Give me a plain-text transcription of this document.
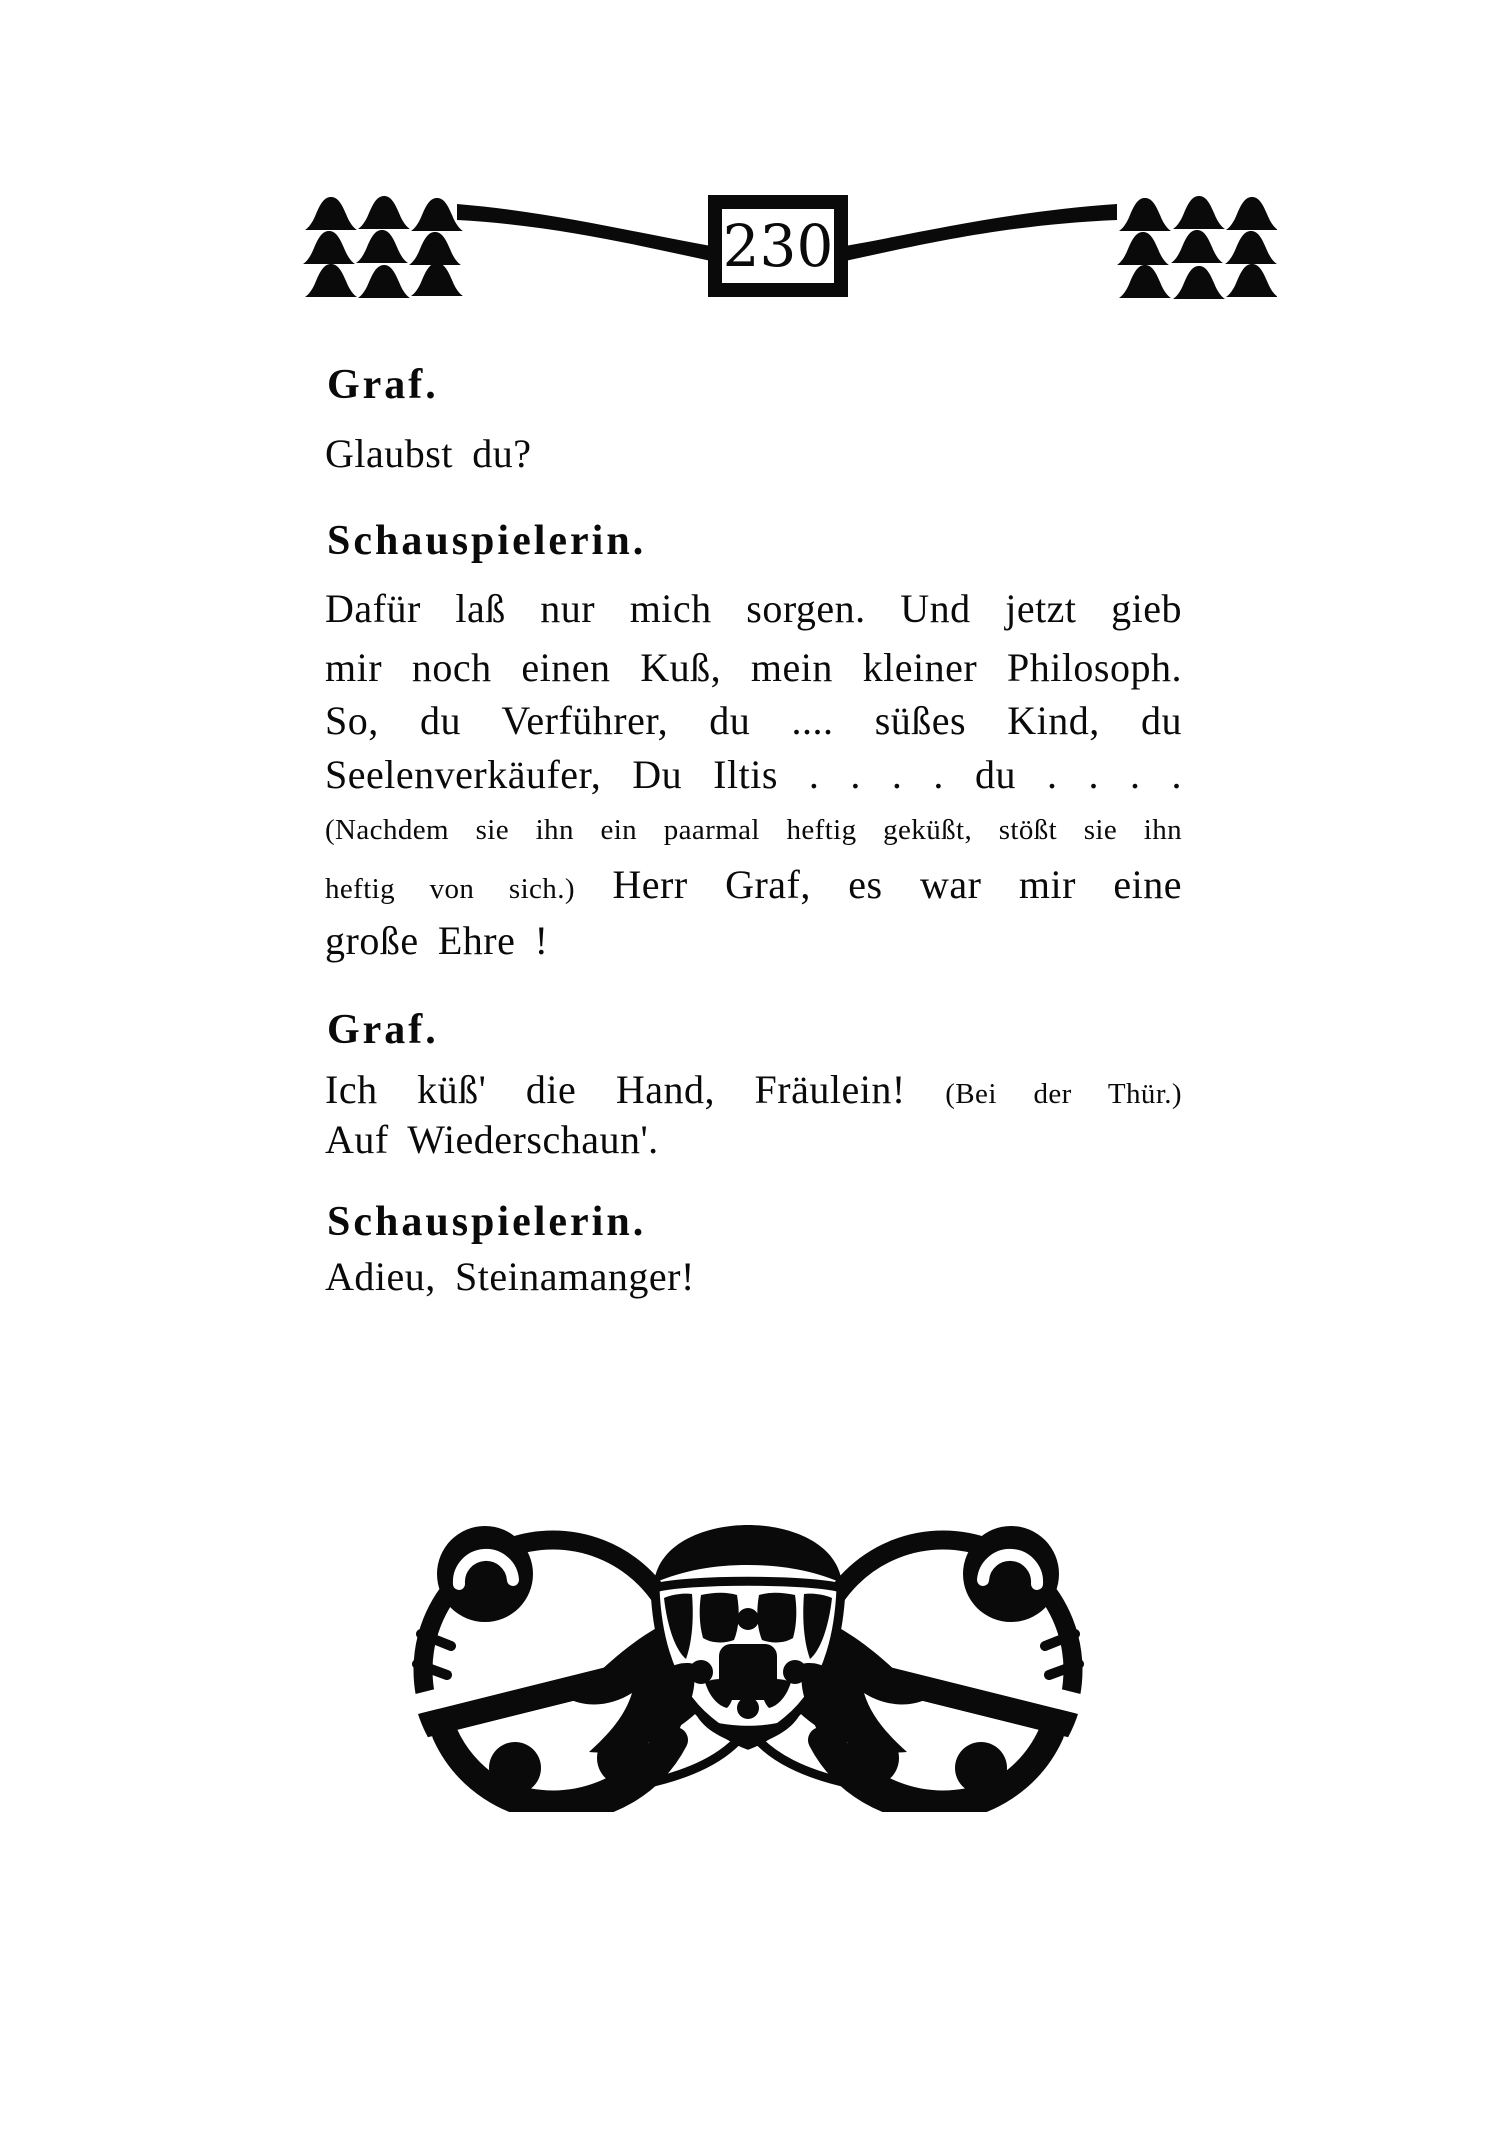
230
Graf.
Glaubst du?
Schauspielerin.
Dafür laß nur mich sorgen. Und jetzt gieb
mir noch einen Kuß, mein kleiner Philosoph.
So, du Verführer, du .... süßes Kind, du
Seelenverkäufer, Du Iltis . . . . du . . . .
(Nachdem sie ihn ein paarmal heftig geküßt, stößt sie ihn
heftig von sich.) Herr Graf, es war mir eine
große Ehre !
Graf.
Ich küß' die Hand, Fräulein! (Bei der Thür.)
Auf Wiederschaun'.
Schauspielerin.
Adieu, Steinamanger!
